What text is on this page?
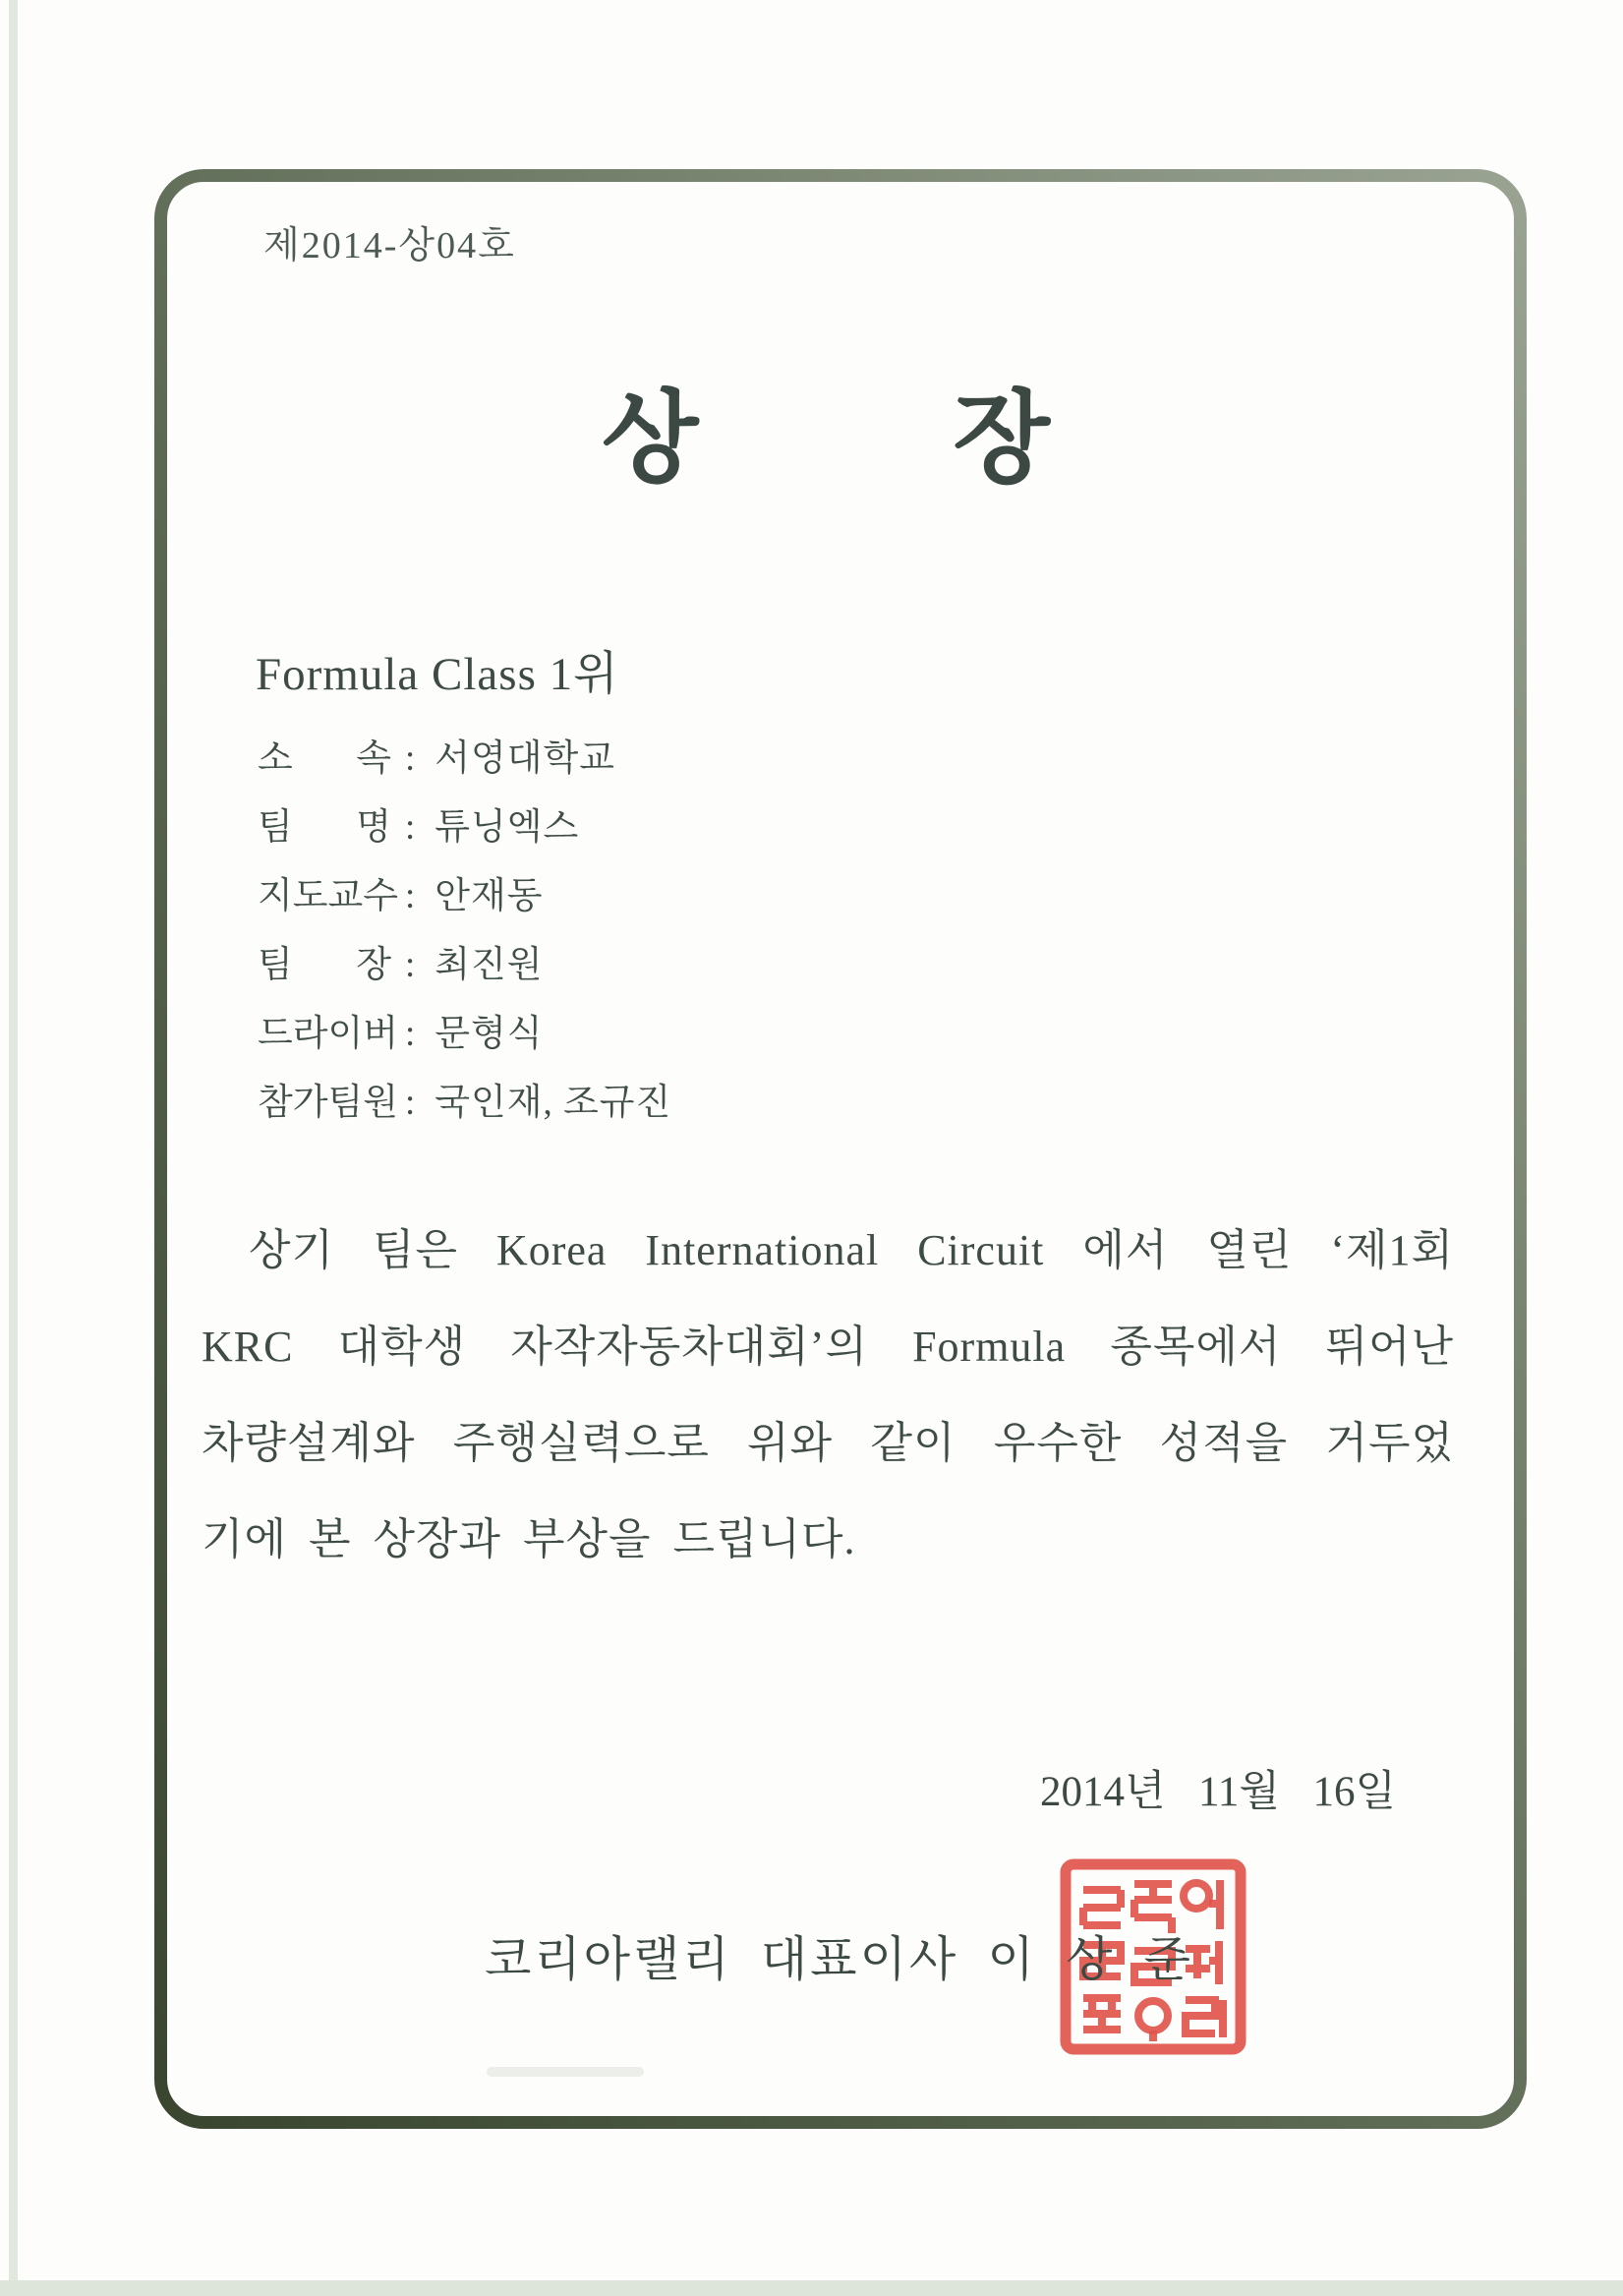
제2014-상04호
상	장
Formula Class 1위
소 속 : 서영대학교
팀 명 : 튜닝엑스
지도교수 : 안재동
팀 장 : 최진원
드라이버 : 문형식
참가팀원 : 국인재, 조규진
상기 팀은 Korea International Circuit 에서 열린 ‘제1회
KRC 대학생 자작자동차대회’의 Formula 종목에서 뛰어난
차량설계와 주행실력으로 위와 같이 우수한 성적을 거두었
기에 본 상장과 부상을 드립니다.
2014년 11월 16일
코리아랠리 대표이사 이 상 준
